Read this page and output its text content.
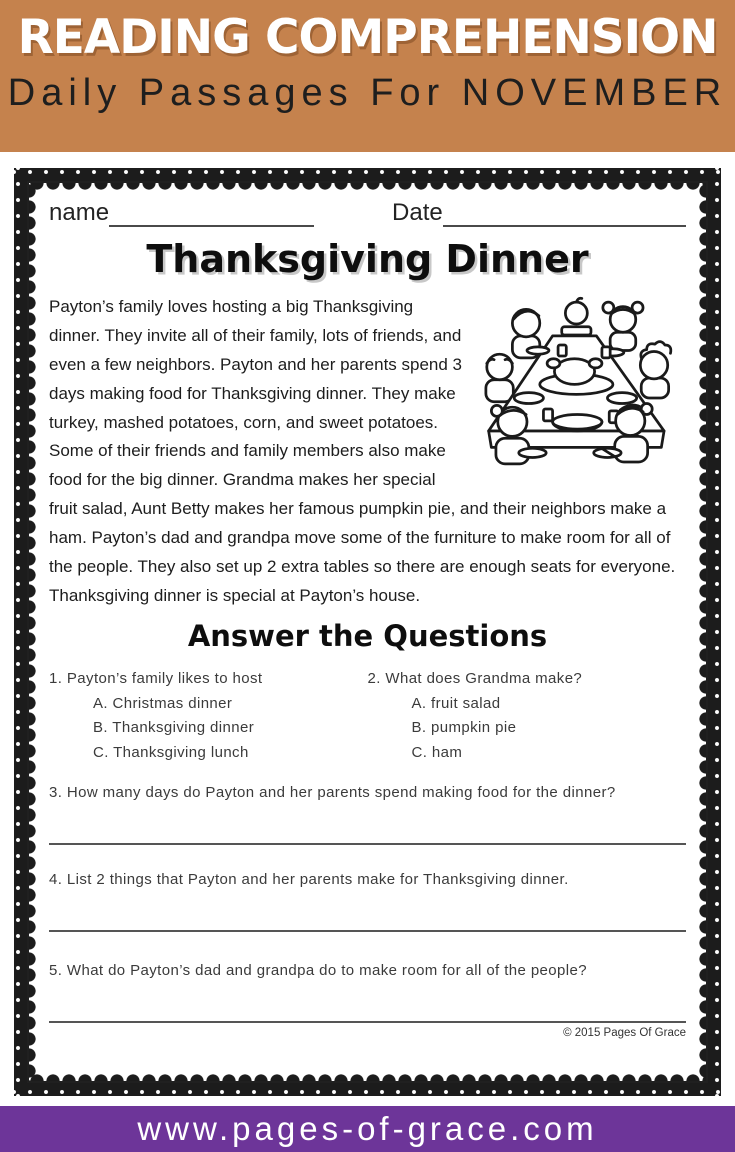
READING COMPREHENSION
Daily Passages For NOVEMBER
name	Date
Thanksgiving Dinner
Payton’s family loves hosting a big Thanksgiving dinner. They invite all of their family, lots of friends, and even a few neighbors. Payton and her parents spend 3 days making food for Thanksgiving dinner. They make turkey, mashed potatoes, corn, and sweet potatoes. Some of their friends and family members also make food for the big dinner. Grandma makes her special fruit salad, Aunt Betty makes her famous pumpkin pie, and their neighbors make a ham. Payton’s dad and grandpa move some of the furniture to make room for all of the people. They also set up 2 extra tables so there are enough seats for everyone. Thanksgiving dinner is special at Payton’s house.
Answer the Questions
1. Payton’s family likes to host
A. Christmas dinner
B. Thanksgiving dinner
C. Thanksgiving lunch
2. What does Grandma make?
A. fruit salad
B. pumpkin pie
C. ham
3. How many days do Payton and her parents spend making food for the dinner?
4. List 2 things that Payton and her parents make for Thanksgiving dinner.
5. What do Payton’s dad and grandpa do to make room for all of the people?
© 2015 Pages Of Grace
www.pages-of-grace.com
